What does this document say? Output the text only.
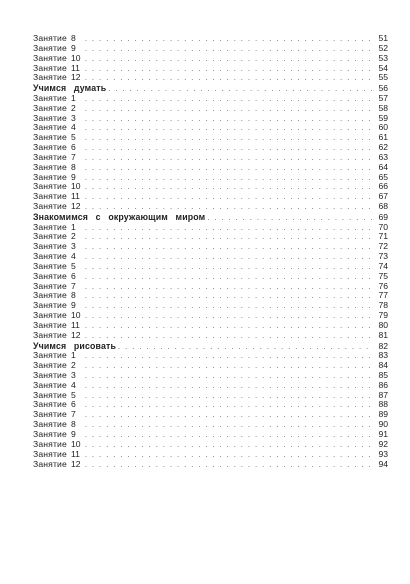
Занятие 8 . . .	51
Занятие 9 . . .	52
Занятие 10 . . .	53
Занятие 11 . . .	54
Занятие 12 . . .	55
Учимся думать . . .	56
Занятие 1 . . .	57
Занятие 2 . . .	58
Занятие 3 . . .	59
Занятие 4 . . .	60
Занятие 5 . . .	61
Занятие 6 . . .	62
Занятие 7 . . .	63
Занятие 8 . . .	64
Занятие 9 . . .	65
Занятие 10 . . .	66
Занятие 11 . . .	67
Занятие 12 . . .	68
Знакомимся с окружающим миром . . .	69
Занятие 1 . . .	70
Занятие 2 . . .	71
Занятие 3 . . .	72
Занятие 4 . . .	73
Занятие 5 . . .	74
Занятие 6 . . .	75
Занятие 7 . . .	76
Занятие 8 . . .	77
Занятие 9 . . .	78
Занятие 10 . . .	79
Занятие 11 . . .	80
Занятие 12 . . .	81
Учимся рисовать . . .	82
Занятие 1 . . .	83
Занятие 2 . . .	84
Занятие 3 . . .	85
Занятие 4 . . .	86
Занятие 5 . . .	87
Занятие 6 . . .	88
Занятие 7 . . .	89
Занятие 8 . . .	90
Занятие 9 . . .	91
Занятие 10 . . .	92
Занятие 11 . . .	93
Занятие 12 . . .	94
